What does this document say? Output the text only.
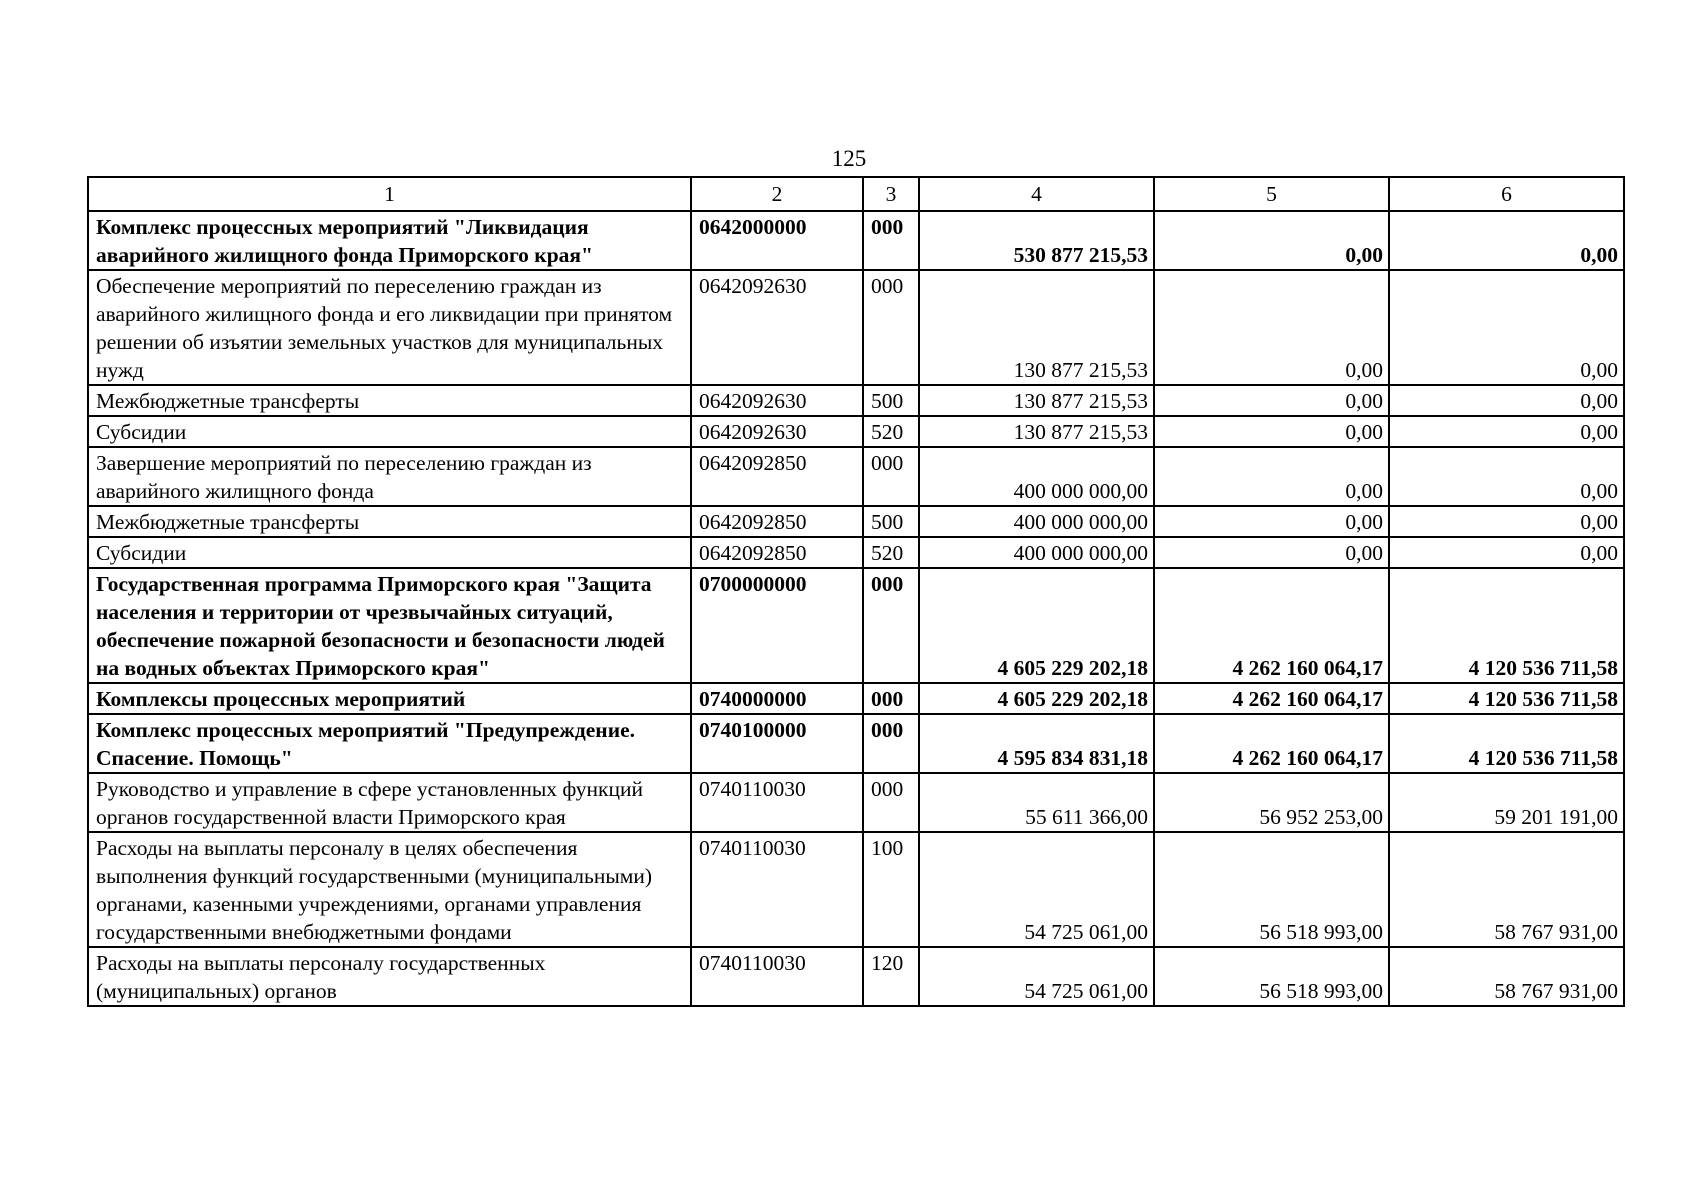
125
1	2	3	4	5	6
Комплекс процессных мероприятий "Ликвидация аварийного жилищного фонда Приморского края"	0642000000	000	530 877 215,53	0,00	0,00
Обеспечение мероприятий по переселению граждан из аварийного жилищного фонда и его ликвидации при принятом решении об изъятии земельных участков для муниципальных нужд	0642092630	000	130 877 215,53	0,00	0,00
Межбюджетные трансферты	0642092630	500	130 877 215,53	0,00	0,00
Субсидии	0642092630	520	130 877 215,53	0,00	0,00
Завершение мероприятий по переселению граждан из аварийного жилищного фонда	0642092850	000	400 000 000,00	0,00	0,00
Межбюджетные трансферты	0642092850	500	400 000 000,00	0,00	0,00
Субсидии	0642092850	520	400 000 000,00	0,00	0,00
Государственная программа Приморского края "Защита населения и территории от чрезвычайных ситуаций, обеспечение пожарной безопасности и безопасности людей на водных объектах Приморского края"	0700000000	000	4 605 229 202,18	4 262 160 064,17	4 120 536 711,58
Комплексы процессных мероприятий	0740000000	000	4 605 229 202,18	4 262 160 064,17	4 120 536 711,58
Комплекс процессных мероприятий "Предупреждение. Спасение. Помощь"	0740100000	000	4 595 834 831,18	4 262 160 064,17	4 120 536 711,58
Руководство и управление в сфере установленных функций органов государственной власти Приморского края	0740110030	000	55 611 366,00	56 952 253,00	59 201 191,00
Расходы на выплаты персоналу в целях обеспечения выполнения функций государственными (муниципальными) органами, казенными учреждениями, органами управления государственными внебюджетными фондами	0740110030	100	54 725 061,00	56 518 993,00	58 767 931,00
Расходы на выплаты персоналу государственных (муниципальных) органов	0740110030	120	54 725 061,00	56 518 993,00	58 767 931,00
